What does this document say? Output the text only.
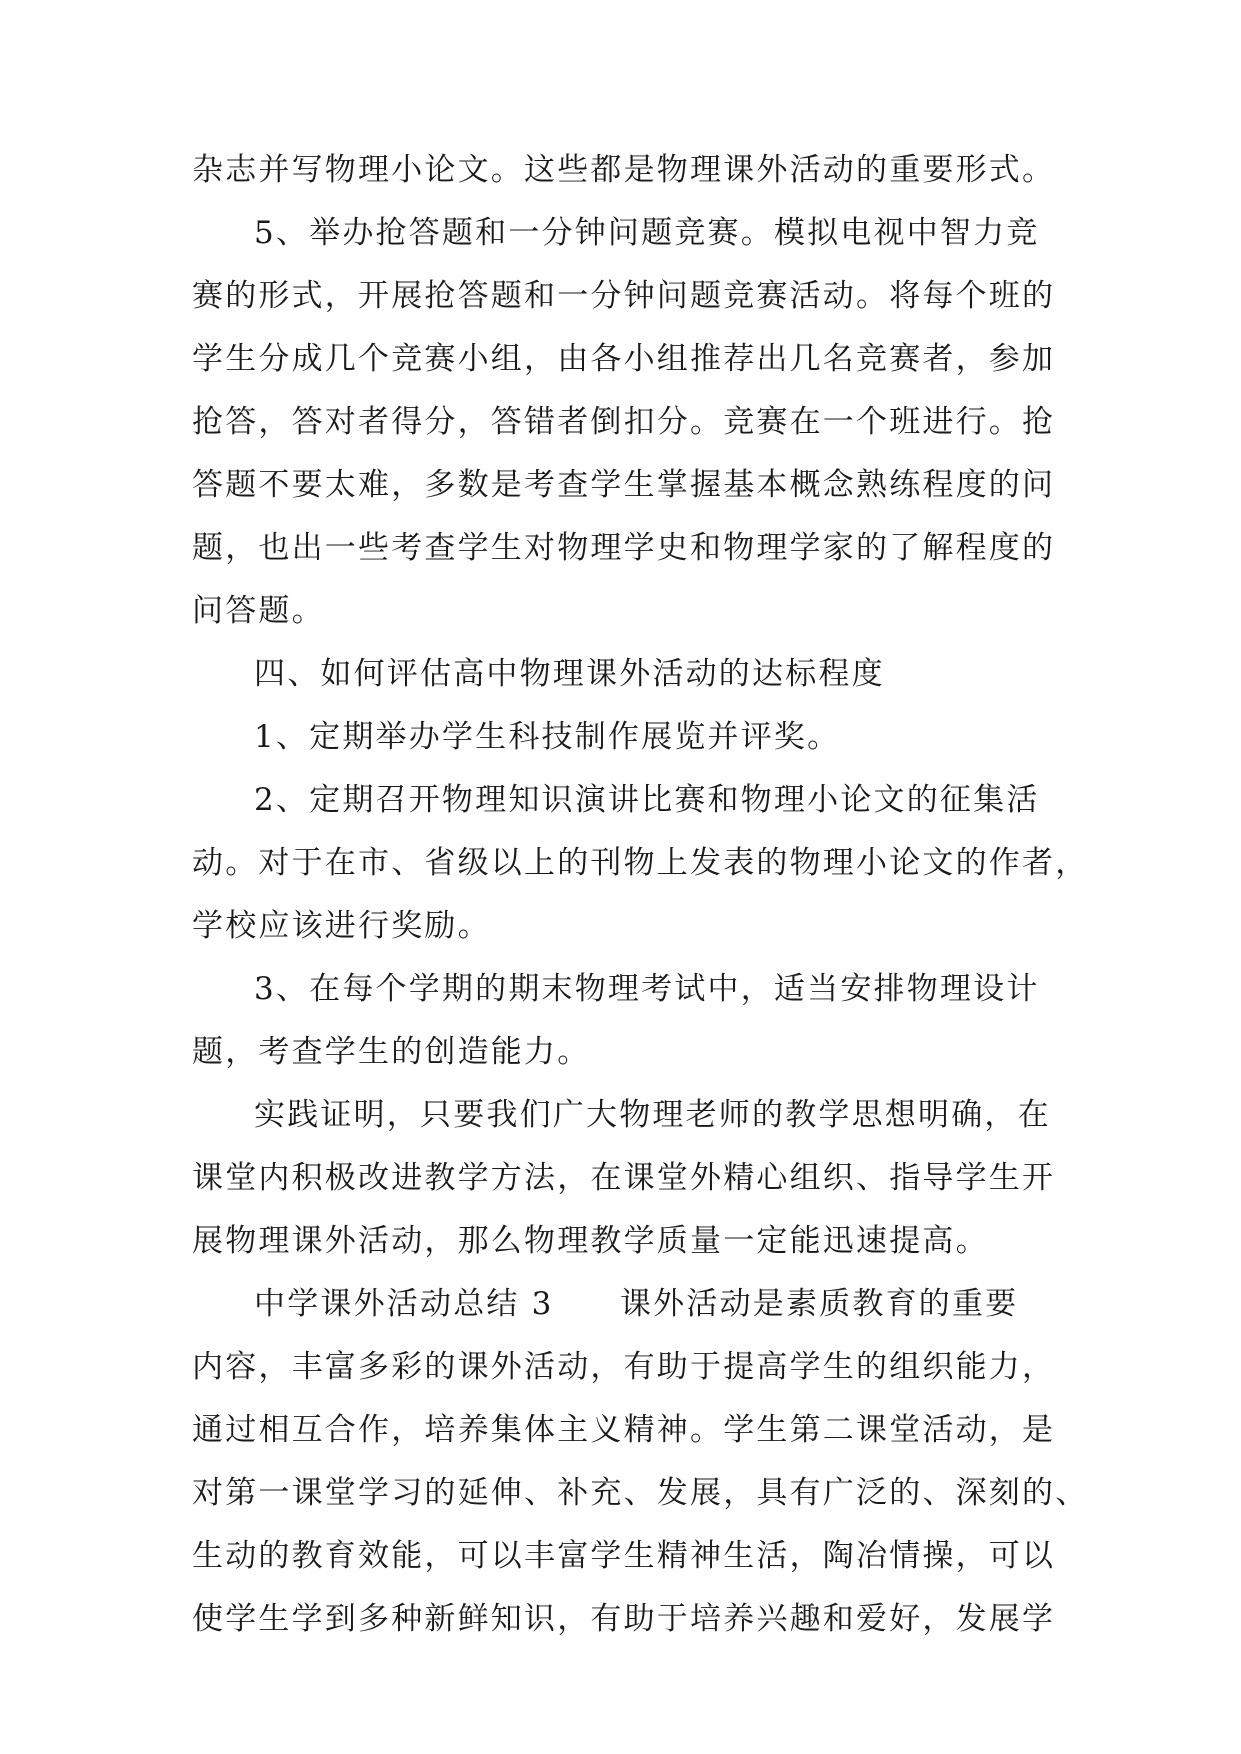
杂志并写物理小论文。这些都是物理课外活动的重要形式。

5、举办抢答题和一分钟问题竞赛。模拟电视中智力竞

赛的形式，开展抢答题和一分钟问题竞赛活动。将每个班的

学生分成几个竞赛小组，由各小组推荐出几名竞赛者，参加

抢答，答对者得分，答错者倒扣分。竞赛在一个班进行。抢

答题不要太难，多数是考查学生掌握基本概念熟练程度的问

题，也出一些考查学生对物理学史和物理学家的了解程度的

问答题。

四、如何评估高中物理课外活动的达标程度

1、定期举办学生科技制作展览并评奖。

2、定期召开物理知识演讲比赛和物理小论文的征集活

动。对于在市、省级以上的刊物上发表的物理小论文的作者，

学校应该进行奖励。

3、在每个学期的期末物理考试中，适当安排物理设计

题，考查学生的创造能力。

实践证明，只要我们广大物理老师的教学思想明确，在

课堂内积极改进教学方法，在课堂外精心组织、指导学生开

展物理课外活动，那么物理教学质量一定能迅速提高。

中学课外活动总结 3　　课外活动是素质教育的重要

内容，丰富多彩的课外活动，有助于提高学生的组织能力，

通过相互合作，培养集体主义精神。学生第二课堂活动，是

对第一课堂学习的延伸、补充、发展，具有广泛的、深刻的、

生动的教育效能，可以丰富学生精神生活，陶冶情操，可以

使学生学到多种新鲜知识，有助于培养兴趣和爱好，发展学
